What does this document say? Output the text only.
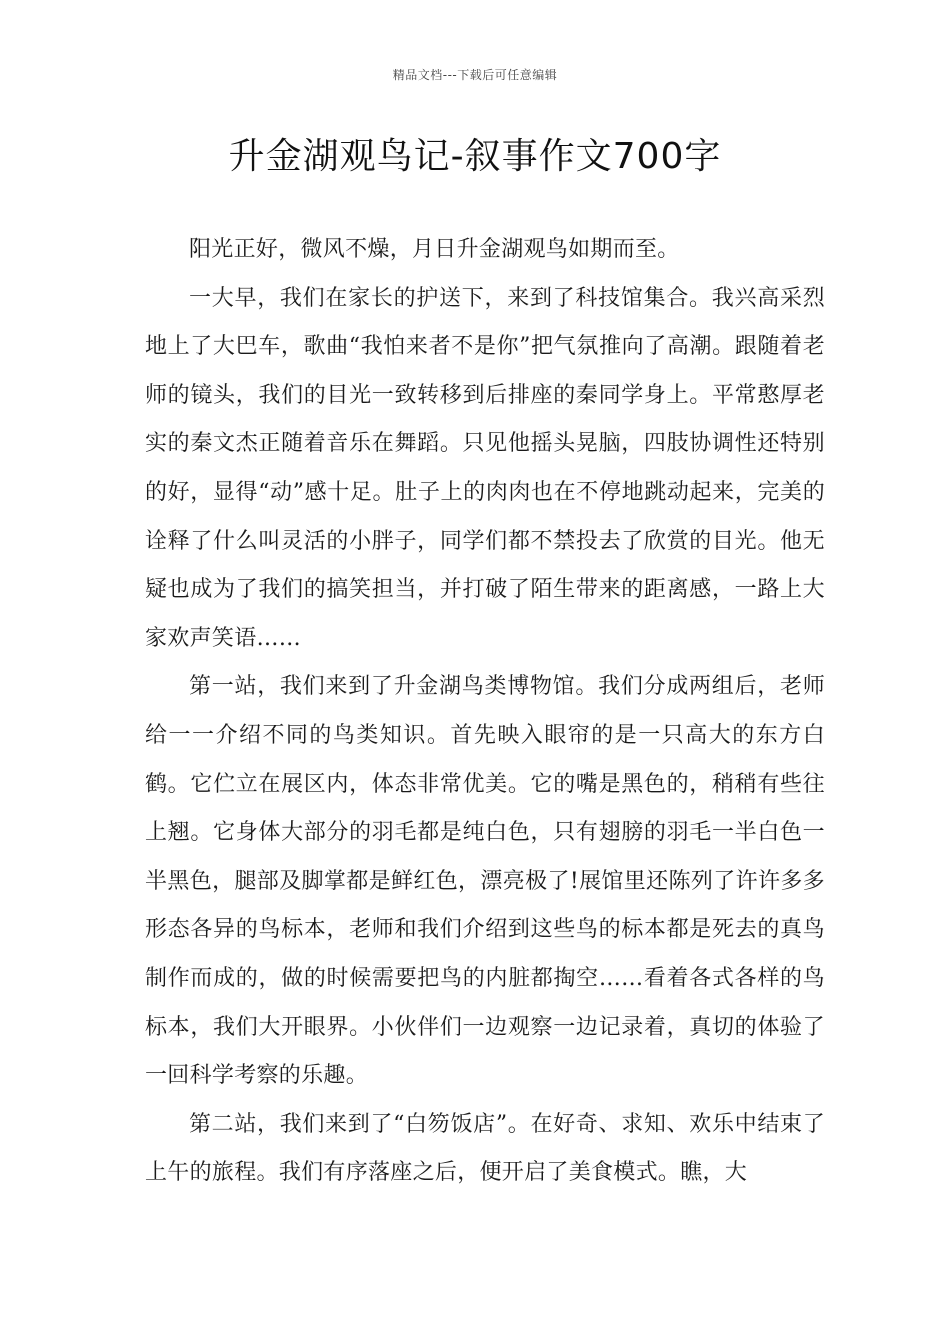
精品文档---下载后可任意编辑
升金湖观鸟记-叙事作文700字

阳光正好，微风不燥，月日升金湖观鸟如期而至。

一大早，我们在家长的护送下，来到了科技馆集合。我兴高采烈地上了大巴车，歌曲“我怕来者不是你”把气氛推向了高潮。跟随着老师的镜头，我们的目光一致转移到后排座的秦同学身上。平常憨厚老实的秦文杰正随着音乐在舞蹈。只见他摇头晃脑，四肢协调性还特别的好，显得“动”感十足。肚子上的肉肉也在不停地跳动起来，完美的诠释了什么叫灵活的小胖子，同学们都不禁投去了欣赏的目光。他无疑也成为了我们的搞笑担当，并打破了陌生带来的距离感，一路上大家欢声笑语……

第一站，我们来到了升金湖鸟类博物馆。我们分成两组后，老师给一一介绍不同的鸟类知识。首先映入眼帘的是一只高大的东方白鹤。它伫立在展区内，体态非常优美。它的嘴是黑色的，稍稍有些往上翘。它身体大部分的羽毛都是纯白色，只有翅膀的羽毛一半白色一半黑色，腿部及脚掌都是鲜红色，漂亮极了!展馆里还陈列了许许多多形态各异的鸟标本，老师和我们介绍到这些鸟的标本都是死去的真鸟制作而成的，做的时候需要把鸟的内脏都掏空……看着各式各样的鸟标本，我们大开眼界。小伙伴们一边观察一边记录着，真切的体验了一回科学考察的乐趣。

第二站，我们来到了“白笏饭店”。在好奇、求知、欢乐中结束了上午的旅程。我们有序落座之后，便开启了美食模式。瞧，大
